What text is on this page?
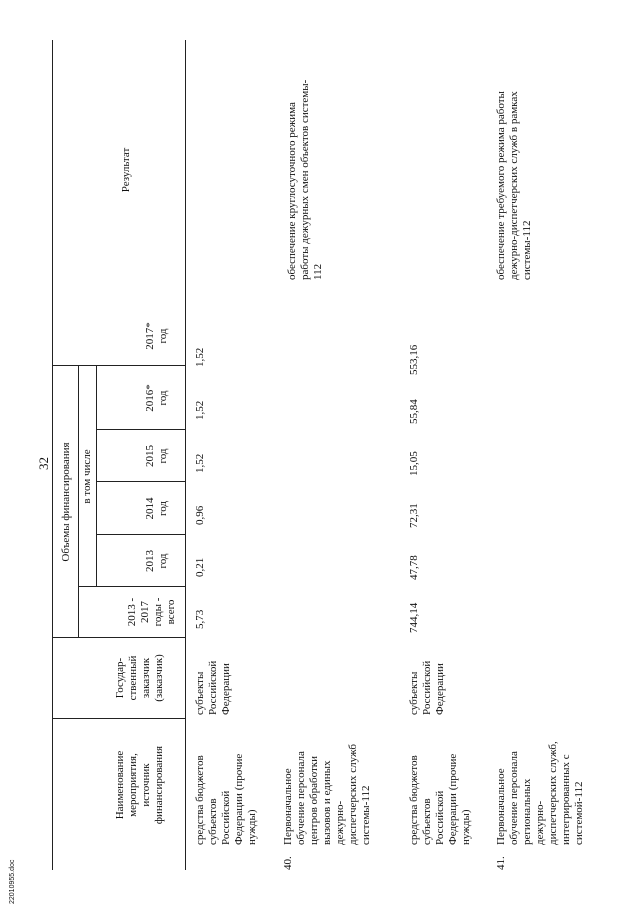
32
Наименование мероприятия, источник финансирования
Государ- ственный заказчик (заказчик)
Объемы финансирования
2013 - 2017 годы - всего
в том числе
2013 год
2014 год
2015 год
2016* год
2017* год
Результат
средства бюджетов субъектов Российской Федерации (прочие нужды)
субъекты Российской Федерации
5,73
0,21
0,96
1,52
1,52
1,52
40.
Первоначальное обучение персонала центров обработки вызовов и единых дежурно- диспетчерских служб системы-112
обеспечение круглосуточного режима работы дежурных смен объектов системы- 112
средства бюджетов субъектов Российской Федерации (прочие нужды)
субъекты Российской Федерации
744,14
47,78
72,31
15,05
55,84
553,16
41.
Первоначальное обучение персонала региональных дежурно- диспетчерских служб, интегрированных с системой-112
обеспечение требуемого режима работы дежурно-диспетчерских служб в рамках системы-112
22010955.doc
